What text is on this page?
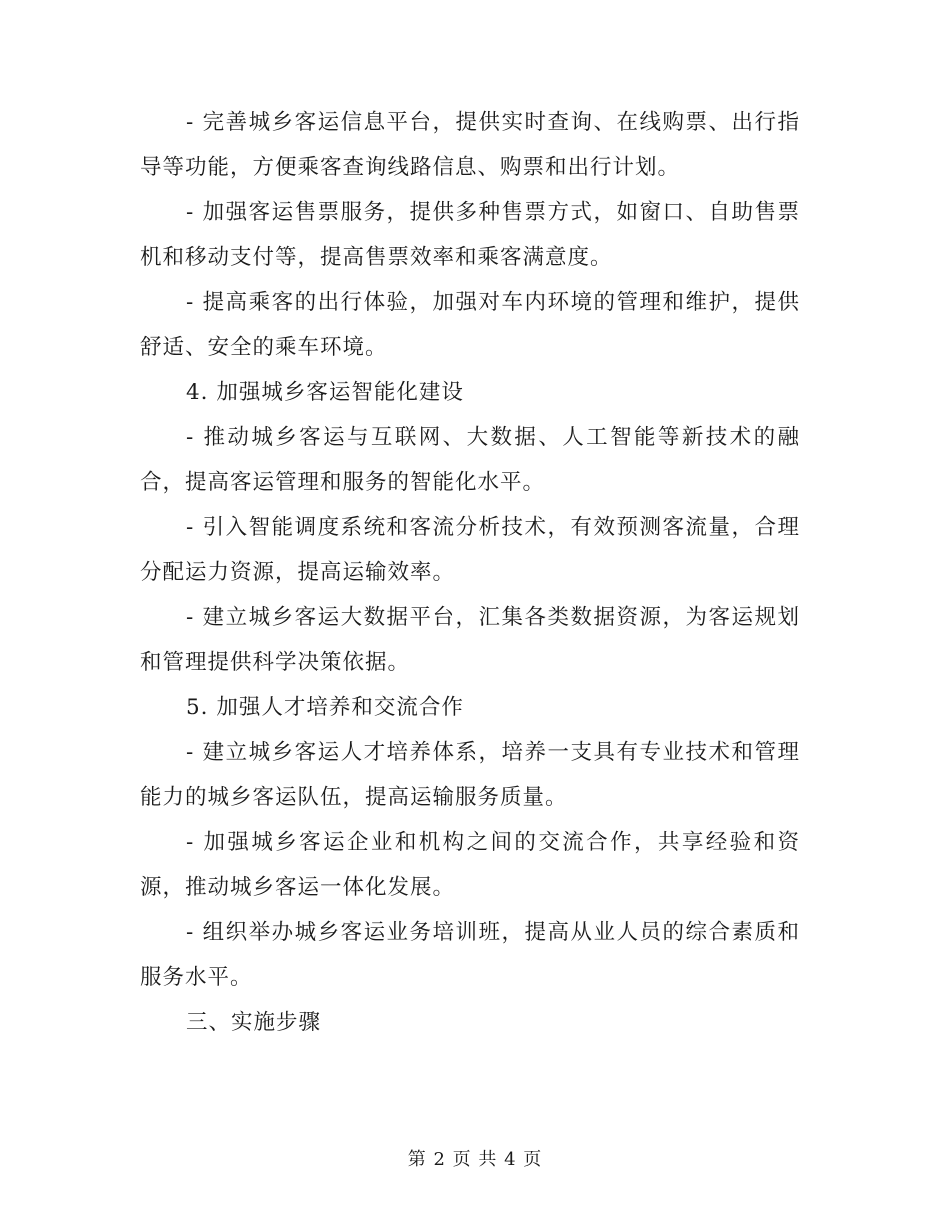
- 完善城乡客运信息平台，提供实时查询、在线购票、出行指导等功能，方便乘客查询线路信息、购票和出行计划。

- 加强客运售票服务，提供多种售票方式，如窗口、自助售票机和移动支付等，提高售票效率和乘客满意度。

- 提高乘客的出行体验，加强对车内环境的管理和维护，提供舒适、安全的乘车环境。

4. 加强城乡客运智能化建设

- 推动城乡客运与互联网、大数据、人工智能等新技术的融合，提高客运管理和服务的智能化水平。

- 引入智能调度系统和客流分析技术，有效预测客流量，合理分配运力资源，提高运输效率。

- 建立城乡客运大数据平台，汇集各类数据资源，为客运规划和管理提供科学决策依据。

5. 加强人才培养和交流合作

- 建立城乡客运人才培养体系，培养一支具有专业技术和管理能力的城乡客运队伍，提高运输服务质量。

- 加强城乡客运企业和机构之间的交流合作，共享经验和资源，推动城乡客运一体化发展。

- 组织举办城乡客运业务培训班，提高从业人员的综合素质和服务水平。

三、实施步骤

第 2 页 共 4 页
